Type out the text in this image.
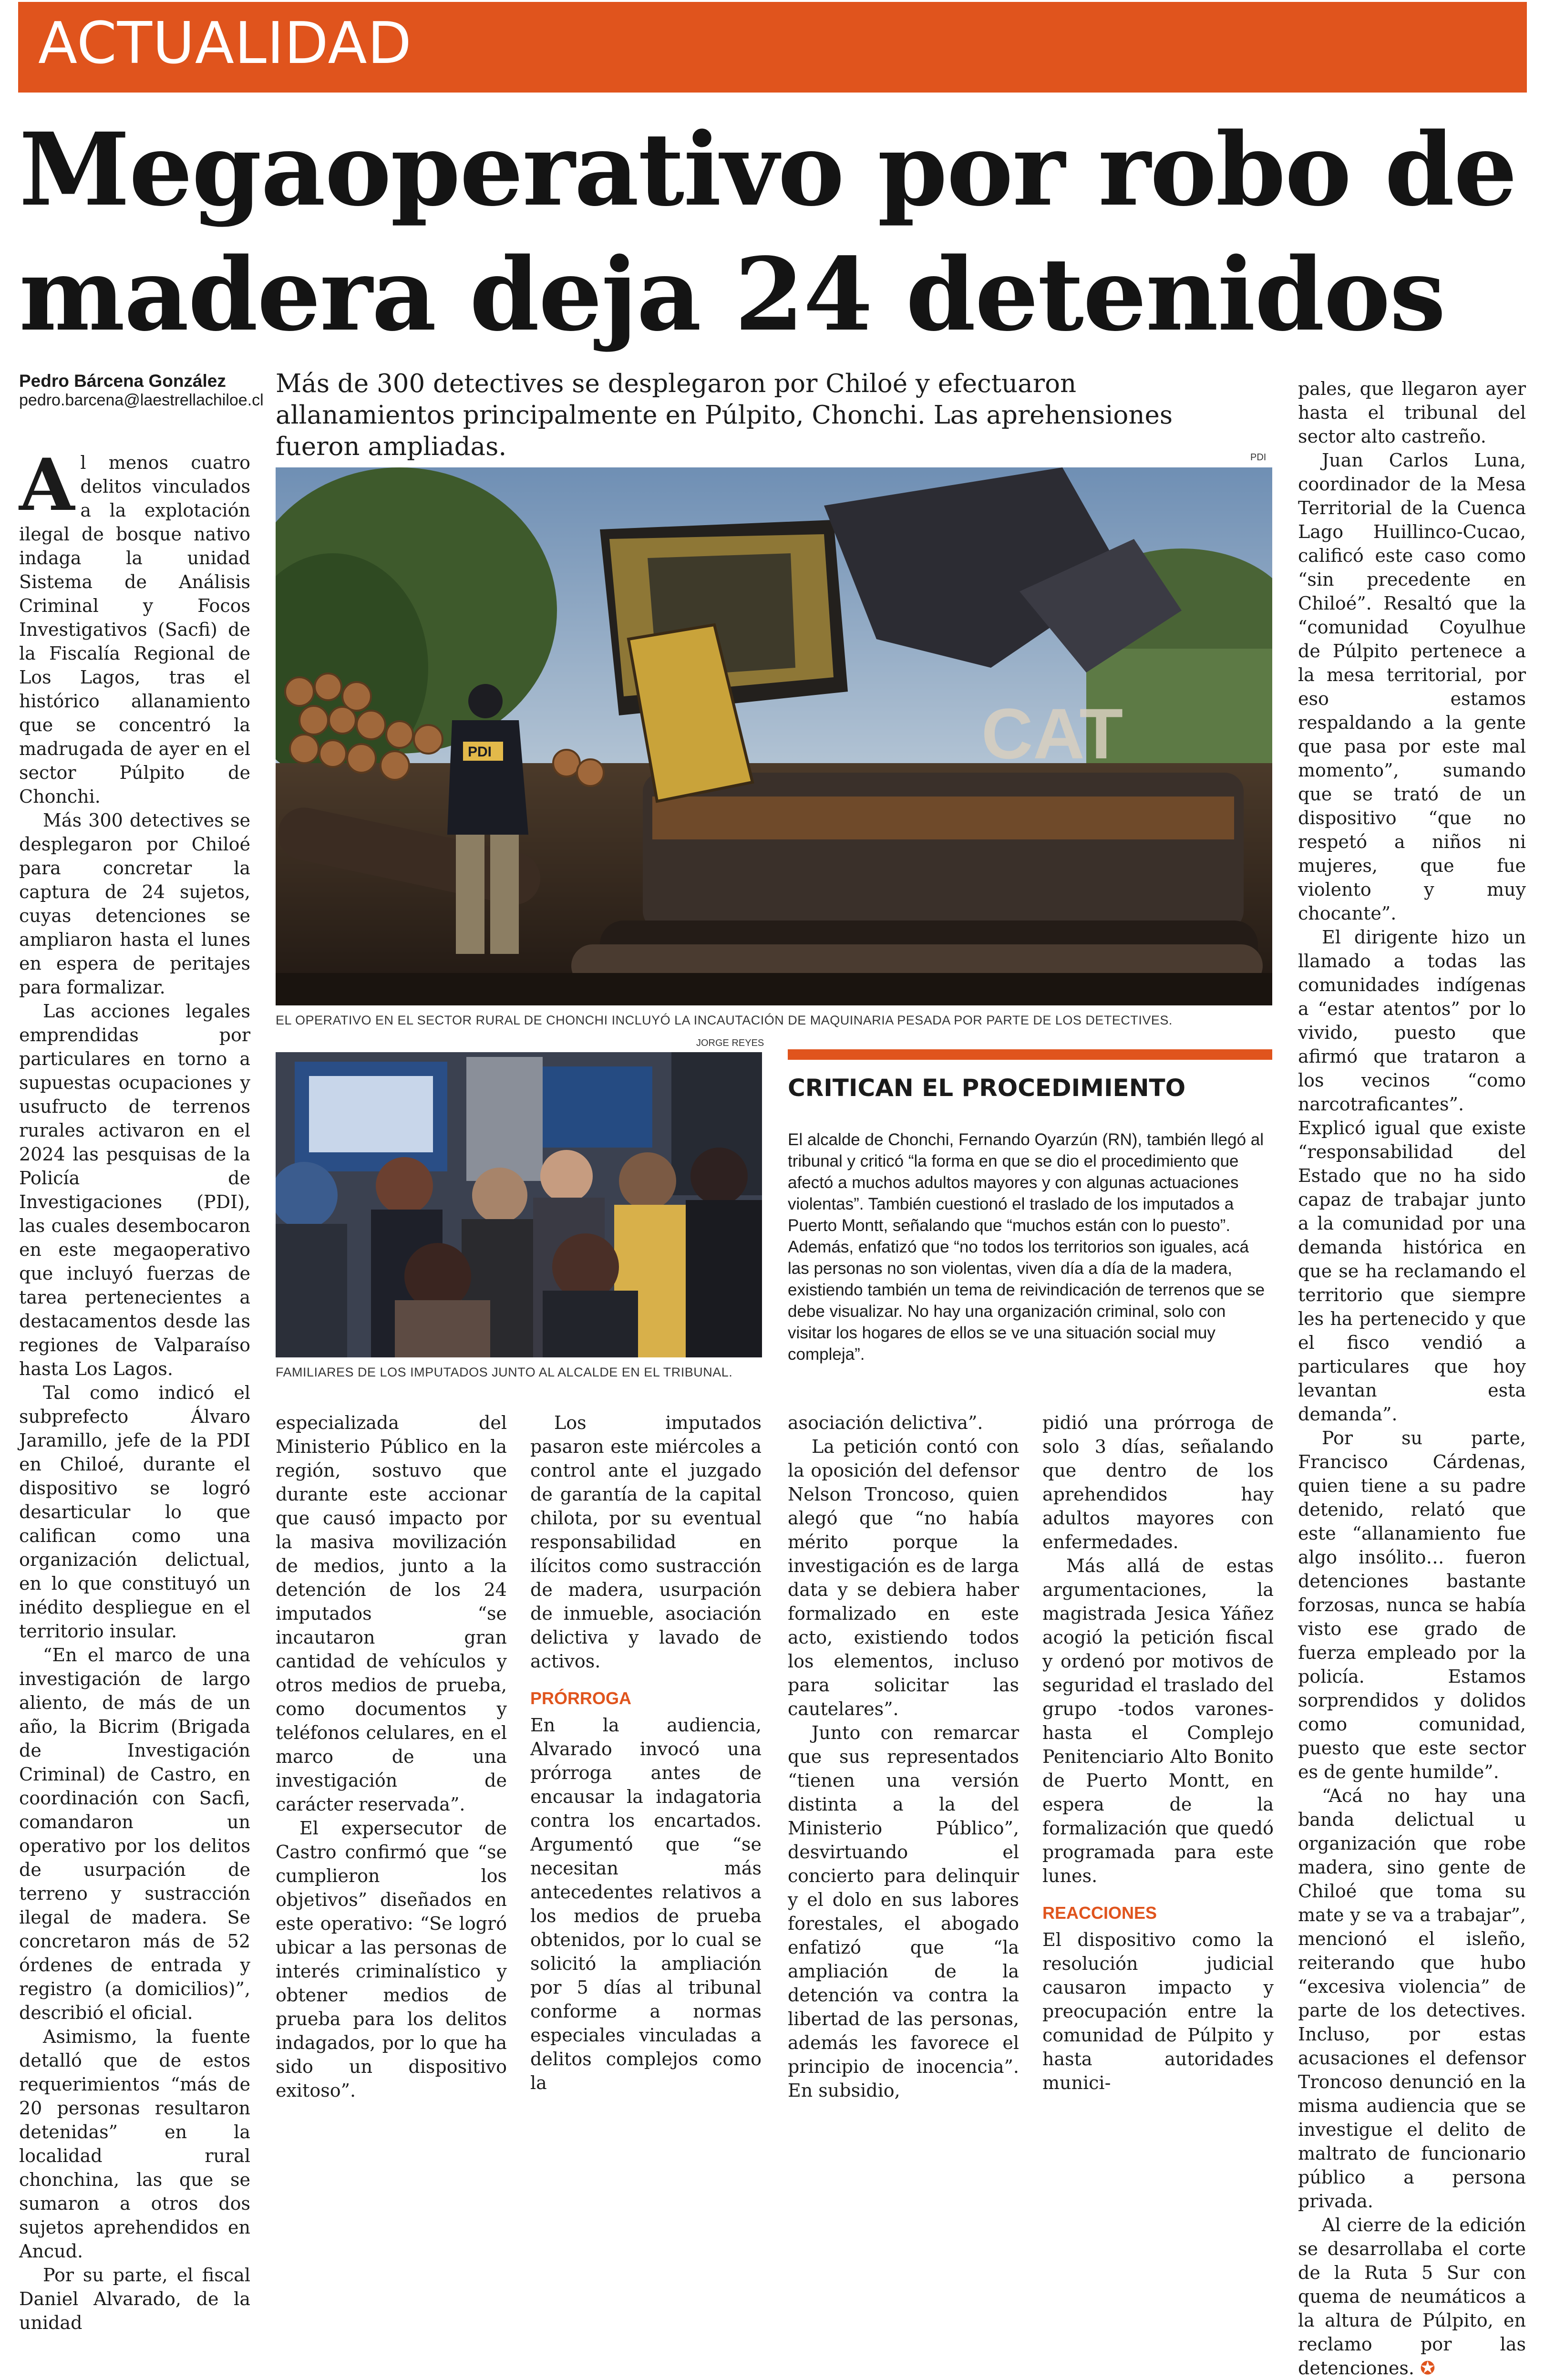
ACTUALIDAD
Megaoperativo por robo de
madera deja 24 detenidos
Pedro Bárcena González
pedro.barcena@laestrellachiloe.cl
Más de 300 detectives se desplegaron por Chiloé y efectuaron allanamientos principalmente en Púlpito, Chonchi. Las aprehensiones fueron ampliadas.	PDI
CAT
PDI
EL OPERATIVO EN EL SECTOR RURAL DE CHONCHI INCLUYÓ LA INCAUTACIÓN DE MAQUINARIA PESADA POR PARTE DE LOS DETECTIVES.
JORGE REYES
FAMILIARES DE LOS IMPUTADOS JUNTO AL ALCALDE EN EL TRIBUNAL.
CRITICAN EL PROCEDIMIENTO

El alcalde de Chonchi, Fernando Oyarzún (RN), también llegó al tribunal y criticó “la forma en que se dio el procedimiento que afectó a muchos adultos mayores y con algunas actuaciones violentas”. También cuestionó el traslado de los imputados a Puerto Montt, señalando que “muchos están con lo puesto”.

Además, enfatizó que “no todos los territorios son iguales, acá las personas no son violentas, viven día a día de la madera, existiendo también un tema de reivindicación de terrenos que se debe visualizar. No hay una organización criminal, solo con visitar los hogares de ellos se ve una situación social muy compleja”.

Al menos cuatro delitos vinculados a la explotación ilegal de bosque nativo indaga la unidad Sistema de Análisis Criminal y Focos Investigativos (Sacfi) de la Fiscalía Regional de Los Lagos, tras el histórico allanamiento que se concentró la madrugada de ayer en el sector Púlpito de Chonchi.

Más 300 detectives se desplegaron por Chiloé para concretar la captura de 24 sujetos, cuyas detenciones se ampliaron hasta el lunes en espera de peritajes para formalizar.

Las acciones legales emprendidas por particulares en torno a supuestas ocupaciones y usufructo de terrenos rurales activaron en el 2024 las pesquisas de la Policía de Investigaciones (PDI), las cuales desembocaron en este megaoperativo que incluyó fuerzas de tarea pertenecientes a destacamentos desde las regiones de Valparaíso hasta Los Lagos.

Tal como indicó el subprefecto Álvaro Jaramillo, jefe de la PDI en Chiloé, durante el dispositivo se logró desarticular lo que califican como una organización delictual, en lo que constituyó un inédito despliegue en el territorio insular.

“En el marco de una investigación de largo aliento, de más de un año, la Bicrim (Brigada de Investigación Criminal) de Castro, en coordinación con Sacfi, comandaron un operativo por los delitos de usurpación de terreno y sustracción ilegal de madera. Se concretaron más de 52 órdenes de entrada y registro (a domicilios)”, describió el oficial.

Asimismo, la fuente detalló que de estos requerimientos “más de 20 personas resultaron detenidas” en la localidad rural chonchina, las que se sumaron a otros dos sujetos aprehendidos en Ancud.

Por su parte, el fiscal Daniel Alvarado, de la unidad

especializada del Ministerio Público en la región, sostuvo que durante este accionar que causó impacto por la masiva movilización de medios, junto a la detención de los 24 imputados “se incautaron gran cantidad de vehículos y otros medios de prueba, como documentos y teléfonos celulares, en el marco de una investigación de carácter reservada”.

El expersecutor de Castro confirmó que “se cumplieron los objetivos” diseñados en este operativo: “Se logró ubicar a las personas de interés criminalístico y obtener medios de prueba para los delitos indagados, por lo que ha sido un dispositivo exitoso”.

Los imputados pasaron este miércoles a control ante el juzgado de garantía de la capital chilota, por su eventual responsabilidad en ilícitos como sustracción de madera, usurpación de inmueble, asociación delictiva y lavado de activos.

PRÓRROGA

En la audiencia, Alvarado invocó una prórroga antes de encausar la indagatoria contra los encartados. Argumentó que “se necesitan más antecedentes relativos a los medios de prueba obtenidos, por lo cual se solicitó la ampliación por 5 días al tribunal conforme a normas especiales vinculadas a delitos complejos como la

asociación delictiva”.

La petición contó con la oposición del defensor Nelson Troncoso, quien alegó que “no había mérito porque la investigación es de larga data y se debiera haber formalizado en este acto, existiendo todos los elementos, incluso para solicitar las cautelares”.

Junto con remarcar que sus representados “tienen una versión distinta a la del Ministerio Público”, desvirtuando el concierto para delinquir y el dolo en sus labores forestales, el abogado enfatizó que “la ampliación de la detención va contra la libertad de las personas, además les favorece el principio de inocencia”. En subsidio,

pidió una prórroga de solo 3 días, señalando que dentro de los aprehendidos hay adultos mayores con enfermedades.

Más allá de estas argumentaciones, la magistrada Jesica Yáñez acogió la petición fiscal y ordenó por motivos de seguridad el traslado del grupo -todos varones- hasta el Complejo Penitenciario Alto Bonito de Puerto Montt, en espera de la formalización que quedó programada para este lunes.

REACCIONES

El dispositivo como la resolución judicial causaron impacto y preocupación entre la comunidad de Púlpito y hasta autoridades munici-

pales, que llegaron ayer hasta el tribunal del sector alto castreño.

Juan Carlos Luna, coordinador de la Mesa Territorial de la Cuenca Lago Huillinco-Cucao, calificó este caso como “sin precedente en Chiloé”. Resaltó que la “comunidad Coyulhue de Púlpito pertenece a la mesa territorial, por eso estamos respaldando a la gente que pasa por este mal momento”, sumando que se trató de un dispositivo “que no respetó a niños ni mujeres, que fue violento y muy chocante”.

El dirigente hizo un llamado a todas las comunidades indígenas a “estar atentos” por lo vivido, puesto que afirmó que trataron a los vecinos “como narcotraficantes”. Explicó igual que existe “responsabilidad del Estado que no ha sido capaz de trabajar junto a la comunidad por una demanda histórica en que se ha reclamando el territorio que siempre les ha pertenecido y que el fisco vendió a particulares que hoy levantan esta demanda”.

Por su parte, Francisco Cárdenas, quien tiene a su padre detenido, relató que este “allanamiento fue algo insólito… fueron detenciones bastante forzosas, nunca se había visto ese grado de fuerza empleado por la policía. Estamos sorprendidos y dolidos como comunidad, puesto que este sector es de gente humilde”.

“Acá no hay una banda delictual u organización que robe madera, sino gente de Chiloé que toma su mate y se va a trabajar”, mencionó el isleño, reiterando que hubo “excesiva violencia” de parte de los detectives. Incluso, por estas acusaciones el defensor Troncoso denunció en la misma audiencia que se investigue el delito de maltrato de funcionario público a persona privada.

Al cierre de la edición se desarrollaba el corte de la Ruta 5 Sur con quema de neumáticos a la altura de Púlpito, en reclamo por las detenciones. ✪
